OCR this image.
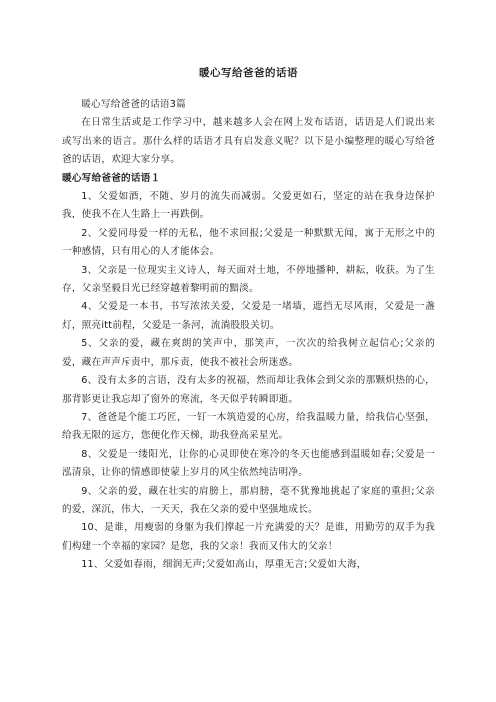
暖心写给爸爸的话语

暖心写给爸爸的话语3篇

在日常生活或是工作学习中，越来越多人会在网上发布话语，话语是人们说出来或写出来的语言。那什么样的话语才具有启发意义呢？以下是小编整理的暖心写给爸爸的话语，欢迎大家分享。

暖心写给爸爸的话语１

1、父爱如酒，不随、岁月的流失而减弱。父爱更如石，坚定的站在我身边保护我，使我不在人生路上一再跌倒。

2、父爱同母爱一样的无私，他不求回报;父爱是一种默默无闻，寓于无形之中的一种感情，只有用心的人才能体会。

3、父亲是一位现实主义诗人，每天面对土地，不停地播种，耕耘，收获。为了生存，父亲坚毅目光已经穿越着黎明前的黯淡。

4、父爱是一本书，书写浓浓关爱，父爱是一堵墙，遮挡无尽风雨，父爱是一盏灯，照亮itt前程，父爱是一条河，流淌股股关切。

5、父亲的爱，藏在爽朗的笑声中，那笑声，一次次的给我树立起信心;父亲的爱，藏在声声斥责中，那斥责，使我不被社会所迷惑。

6、没有太多的言语，没有太多的祝福，然而却让我体会到父亲的那颗炽热的心，那背影更让我忘却了窗外的寒流，冬天似乎转瞬即逝。

7、爸爸是个能工巧匠，一钉一木筑造爱的心房，给我温暖力量，给我信心坚强，给我无限的远方，您便化作天梯，助我登高采星光。

8、父爱是一缕阳光，让你的心灵即使在寒冷的冬天也能感到温暖如春;父爱是一泓清泉，让你的情感即使蒙上岁月的风尘依然纯洁明净。

9、父亲的爱，藏在壮实的肩膀上，那肩膀，毫不犹豫地挑起了家庭的重担;父亲的爱，深沉，伟大，一天天，我在父亲的爱中坚强地成长。

10、是谁，用瘦弱的身躯为我们撑起一片充满爱的天？是谁，用勤劳的双手为我们构建一个幸福的家园？是您，我的父亲！我而又伟大的父亲！

11、父爱如春雨，细润无声;父爱如高山，厚重无言;父爱如大海，
